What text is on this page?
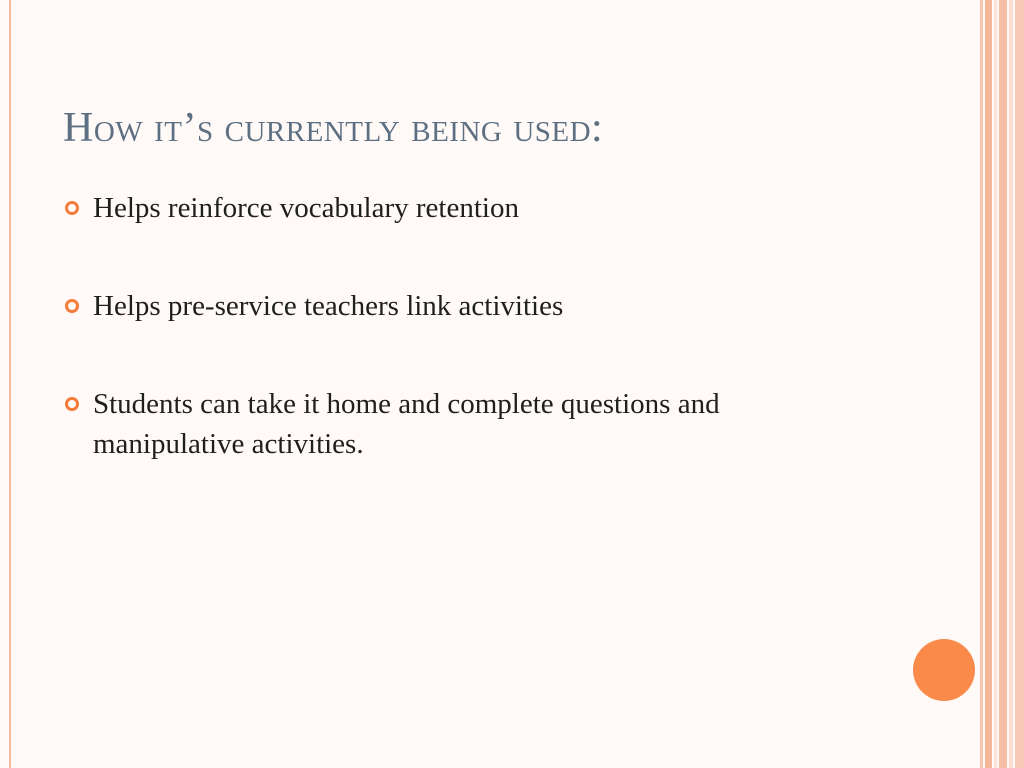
How it’s currently being used:
Helps reinforce vocabulary retention
Helps pre-service teachers link activities
Students can take it home and complete questions and manipulative activities.
